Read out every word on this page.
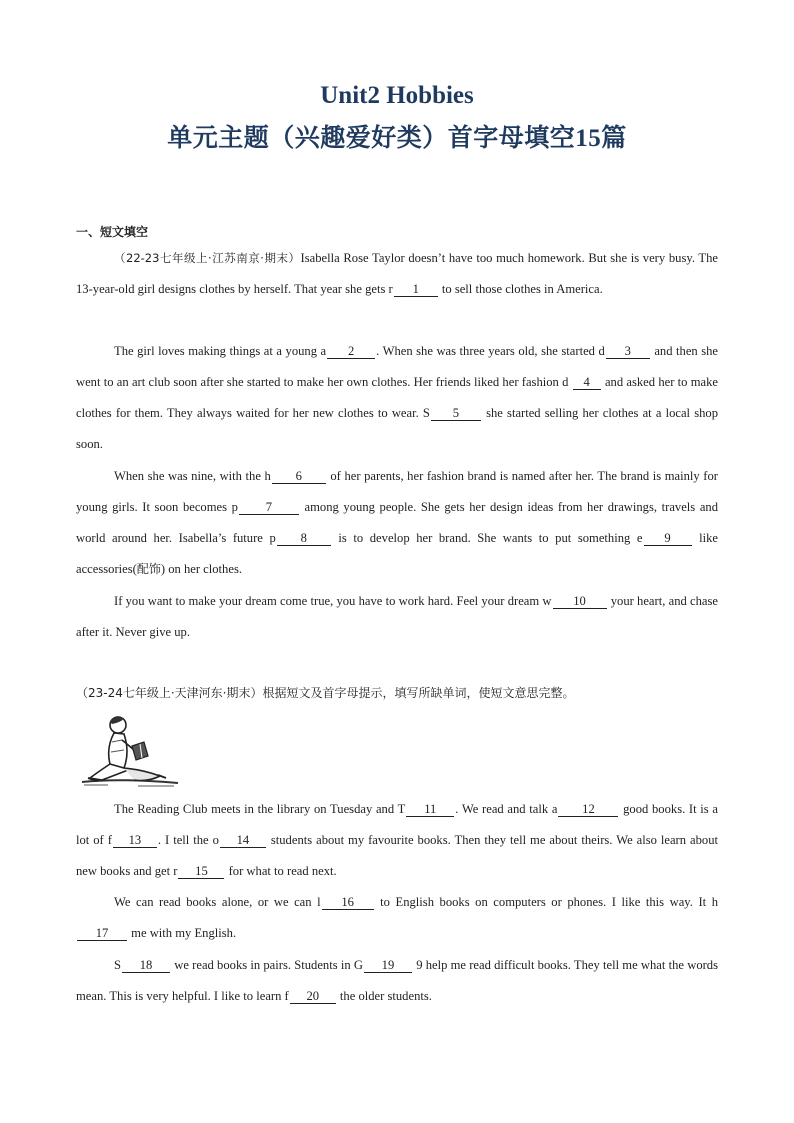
Unit2 Hobbies
单元主题（兴趣爱好类）首字母填空15篇
一、短文填空

（22-23七年级上·江苏南京·期末）Isabella Rose Taylor doesn’t have too much homework. But she is very busy. The 13-year-old girl designs clothes by herself. That year she gets r 1 to sell those clothes in America.

The girl loves making things at a young a 2 . When she was three years old, she started d 3 and then she went to an art club soon after she started to make her own clothes. Her friends liked her fashion d 4 and asked her to make clothes for them. They always waited for her new clothes to wear. S 5 she started selling her clothes at a local shop soon.

When she was nine, with the h 6 of her parents, her fashion brand is named after her. The brand is mainly for young girls. It soon becomes p 7	among young people. She gets her design ideas from her drawings, travels and world around her. Isabella’s future p 8 is to develop her brand. She wants to put something e 9 like accessories(配饰) on her clothes.

If you want to make your dream come true, you have to work hard. Feel your dream w 10 your heart, and chase after it. Never give up.

（23-24七年级上·天津河东·期末）根据短文及首字母提示，填写所缺单词，使短文意思完整。

The Reading Club meets in the library on Tuesday and T 11 . We read and talk a 12 good books. It is a lot of f 13 . I tell the o 14 students about my favourite books. Then they tell me about theirs. We also learn about new books and get r 15 for what to read next.

We can read books alone, or we can l 16 to English books on computers or phones. I like this way. It h17 me with my English.

S 18 we read books in pairs. Students in G 19 9 help me read difficult books. They tell me what the words mean. This is very helpful. I like to learn f 20 the older students.
